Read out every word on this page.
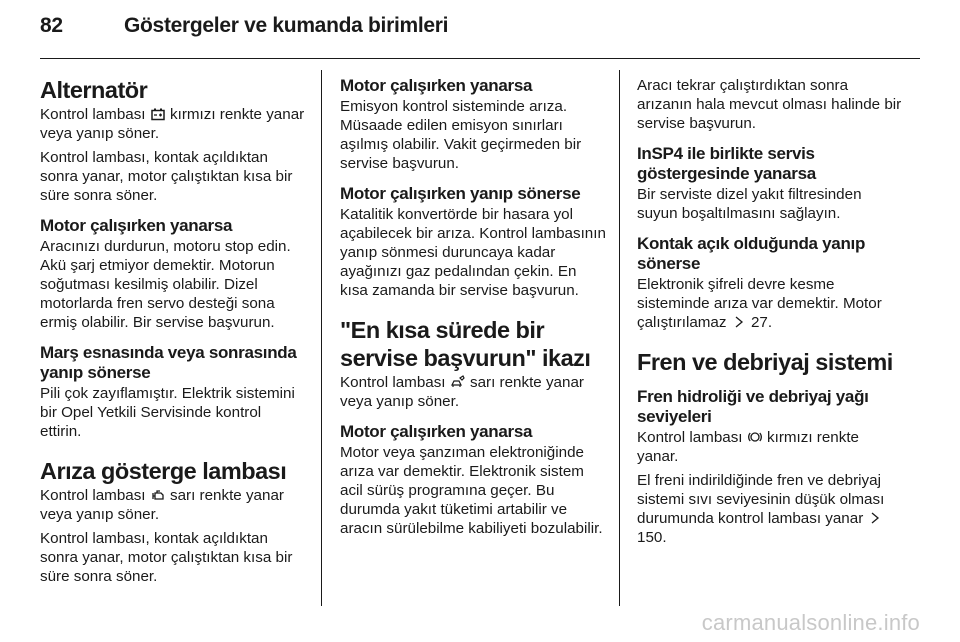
82	Göstergeler ve kumanda birimleri
Alternatör

Kontrol lambası kırmızı renkte yanar veya yanıp söner.

Kontrol lambası, kontak açıldıktan sonra yanar, motor çalıştıktan kısa bir süre sonra söner.

Motor çalışırken yanarsa

Aracınızı durdurun, motoru stop edin. Akü şarj etmiyor demektir. Motorun soğutması kesilmiş olabilir. Dizel motorlarda fren servo desteği sona ermiş olabilir. Bir servise başvurun.

Marş esnasında veya sonrasında yanıp sönerse

Pili çok zayıflamıştır. Elektrik sistemini bir Opel Yetkili Servisinde kontrol ettirin.

Arıza gösterge lambası

Kontrol lambası sarı renkte yanar veya yanıp söner.

Kontrol lambası, kontak açıldıktan sonra yanar, motor çalıştıktan kısa bir süre sonra söner.

Motor çalışırken yanarsa

Emisyon kontrol sisteminde arıza. Müsaade edilen emisyon sınırları aşılmış olabilir. Vakit geçirmeden bir servise başvurun.

Motor çalışırken yanıp sönerse

Katalitik konvertörde bir hasara yol açabilecek bir arıza. Kontrol lambasının yanıp sönmesi duruncaya kadar ayağınızı gaz pedalından çekin. En kısa zamanda bir servise başvurun.

"En kısa sürede bir servise başvurun" ikazı

Kontrol lambası sarı renkte yanar veya yanıp söner.

Motor çalışırken yanarsa

Motor veya şanzıman elektroniğinde arıza var demektir. Elektronik sistem acil sürüş programına geçer. Bu durumda yakıt tüketimi artabilir ve aracın sürülebilme kabiliyeti bozulabilir.

Aracı tekrar çalıştırdıktan sonra arızanın hala mevcut olması halinde bir servise başvurun.

InSP4 ile birlikte servis göstergesinde yanarsa

Bir serviste dizel yakıt filtresinden suyun boşaltılmasını sağlayın.

Kontak açık olduğunda yanıp sönerse

Elektronik şifreli devre kesme sisteminde arıza var demektir. Motor çalıştırılamaz 27.

Fren ve debriyaj sistemi
Fren hidroliği ve debriyaj yağı seviyeleri

Kontrol lambası kırmızı renkte yanar.

El freni indirildiğinde fren ve debriyaj sistemi sıvı seviyesinin düşük olması durumunda kontrol lambası yanar
150.

carmanualsonline.info
